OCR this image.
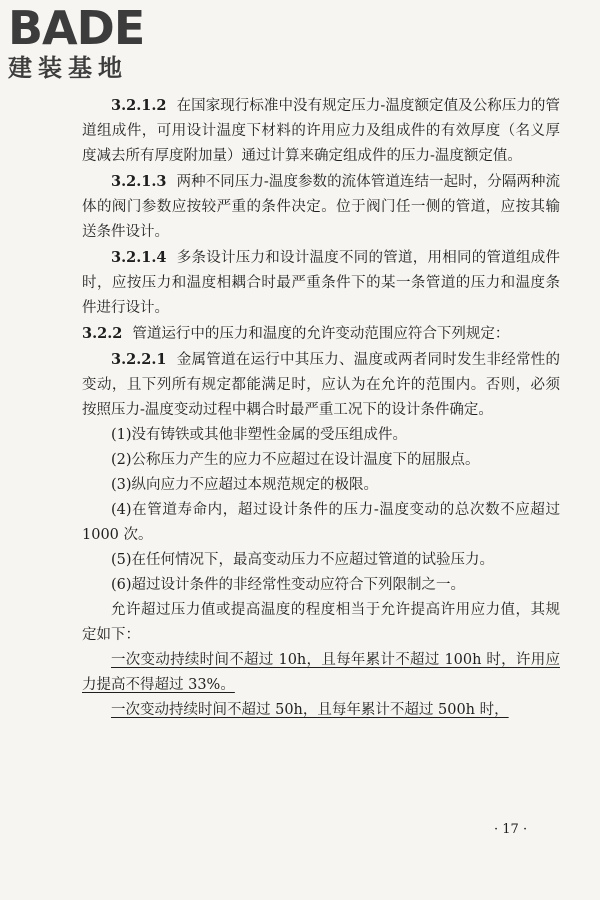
BADE
建装基地

3.2.1.2 在国家现行标准中没有规定压力-温度额定值及公称压力的管道组成件，可用设计温度下材料的许用应力及组成件的有效厚度（名义厚度减去所有厚度附加量）通过计算来确定组成件的压力-温度额定值。

3.2.1.3 两种不同压力-温度参数的流体管道连结一起时，分隔两种流体的阀门参数应按较严重的条件决定。位于阀门任一侧的管道，应按其输送条件设计。

3.2.1.4 多条设计压力和设计温度不同的管道，用相同的管道组成件时，应按压力和温度相耦合时最严重条件下的某一条管道的压力和温度条件进行设计。

3.2.2 管道运行中的压力和温度的允许变动范围应符合下列规定：

3.2.2.1 金属管道在运行中其压力、温度或两者同时发生非经常性的变动，且下列所有规定都能满足时，应认为在允许的范围内。否则，必须按照压力-温度变动过程中耦合时最严重工况下的设计条件确定。

(1)没有铸铁或其他非塑性金属的受压组成件。

(2)公称压力产生的应力不应超过在设计温度下的屈服点。

(3)纵向应力不应超过本规范规定的极限。

(4)在管道寿命内，超过设计条件的压力-温度变动的总次数不应超过 1000 次。

(5)在任何情况下，最高变动压力不应超过管道的试验压力。

(6)超过设计条件的非经常性变动应符合下列限制之一。

允许超过压力值或提高温度的程度相当于允许提高许用应力值，其规定如下：

一次变动持续时间不超过 10h，且每年累计不超过 100h 时，许用应力提高不得超过 33%。

一次变动持续时间不超过 50h，且每年累计不超过 500h 时，

· 17 ·
